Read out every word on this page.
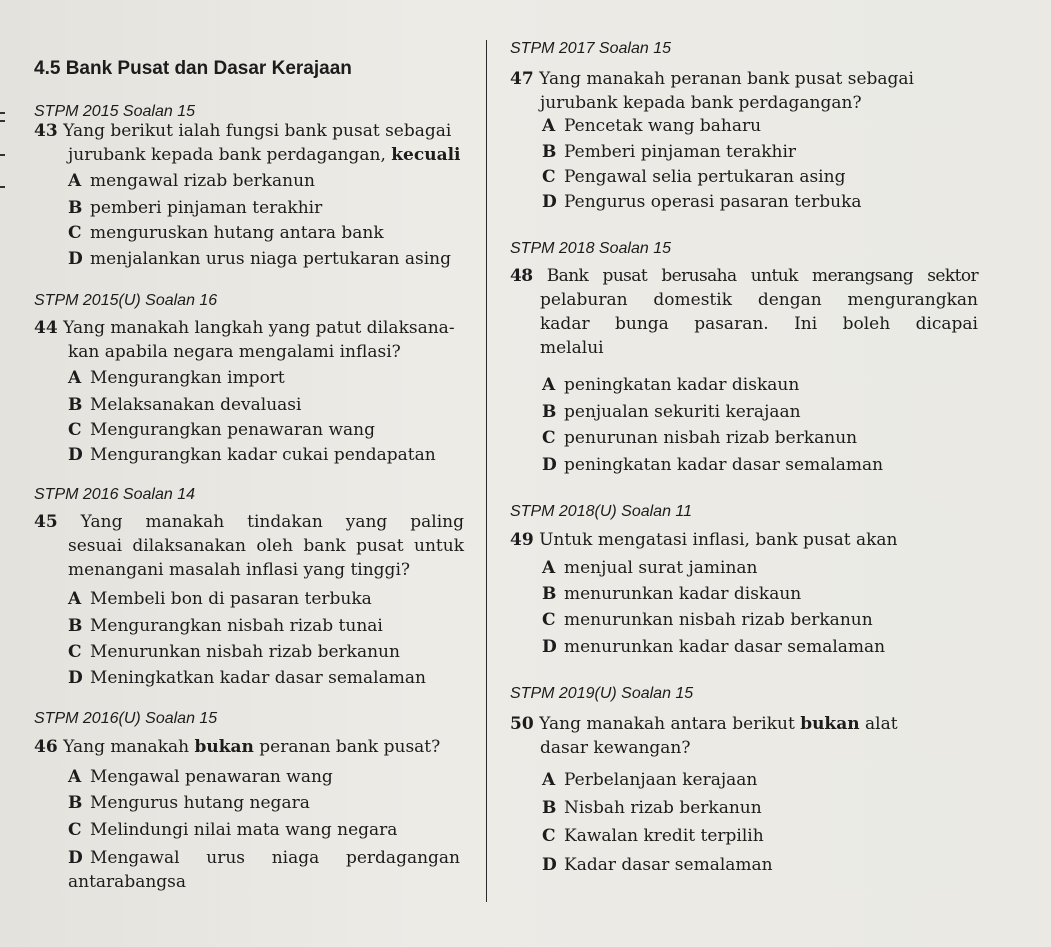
4.5 Bank Pusat dan Dasar Kerajaan
STPM 2015 Soalan 15
43 Yang berikut ialah fungsi bank pusat sebagai
jurubank kepada bank perdagangan, kecuali
A mengawal rizab berkanun
B pemberi pinjaman terakhir
C menguruskan hutang antara bank
D menjalankan urus niaga pertukaran asing
STPM 2015(U) Soalan 16
44 Yang manakah langkah yang patut dilaksana-
kan apabila negara mengalami inflasi?
A Mengurangkan import
B Melaksanakan devaluasi
C Mengurangkan penawaran wang
D Mengurangkan kadar cukai pendapatan
STPM 2016 Soalan 14
45 Yang manakah tindakan yang paling
sesuai dilaksanakan oleh bank pusat untuk
menangani masalah inflasi yang tinggi?
A Membeli bon di pasaran terbuka
B Mengurangkan nisbah rizab tunai
C Menurunkan nisbah rizab berkanun
D Meningkatkan kadar dasar semalaman
STPM 2016(U) Soalan 15
46 Yang manakah bukan peranan bank pusat?
A Mengawal penawaran wang
B Mengurus hutang negara
C Melindungi nilai mata wang negara
D Mengawal urus niaga perdagangan
antarabangsa
STPM 2017 Soalan 15
47 Yang manakah peranan bank pusat sebagai
jurubank kepada bank perdagangan?
A Pencetak wang baharu
B Pemberi pinjaman terakhir
C Pengawal selia pertukaran asing
D Pengurus operasi pasaran terbuka
STPM 2018 Soalan 15
48 Bank pusat berusaha untuk merangsang sektor
pelaburan domestik dengan mengurangkan
kadar bunga pasaran. Ini boleh dicapai
melalui
A peningkatan kadar diskaun
B penjualan sekuriti kerajaan
C penurunan nisbah rizab berkanun
D peningkatan kadar dasar semalaman
STPM 2018(U) Soalan 11
49 Untuk mengatasi inflasi, bank pusat akan
A menjual surat jaminan
B menurunkan kadar diskaun
C menurunkan nisbah rizab berkanun
D menurunkan kadar dasar semalaman
STPM 2019(U) Soalan 15
50 Yang manakah antara berikut bukan alat
dasar kewangan?
A Perbelanjaan kerajaan
B Nisbah rizab berkanun
C Kawalan kredit terpilih
D Kadar dasar semalaman
